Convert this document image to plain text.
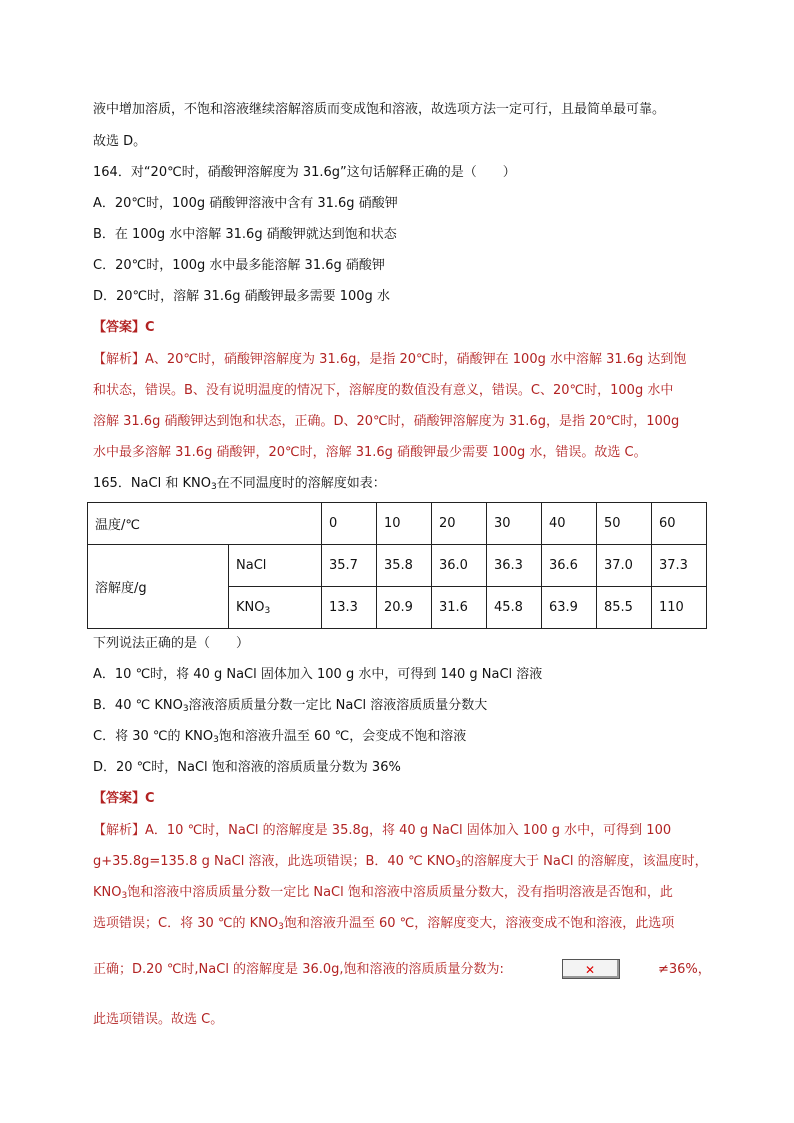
液中增加溶质，不饱和溶液继续溶解溶质而变成饱和溶液，故选项方法一定可行，且最简单最可靠。
故选 D。
164．对“20℃时，硝酸钾溶解度为 31.6g”这句话解释正确的是（　　）
A．20℃时，100g 硝酸钾溶液中含有 31.6g 硝酸钾
B．在 100g 水中溶解 31.6g 硝酸钾就达到饱和状态
C．20℃时，100g 水中最多能溶解 31.6g 硝酸钾
D．20℃时，溶解 31.6g 硝酸钾最多需要 100g 水
【答案】C
【解析】A、20℃时，硝酸钾溶解度为 31.6g，是指 20℃时，硝酸钾在 100g 水中溶解 31.6g 达到饱
和状态，错误。B、没有说明温度的情况下，溶解度的数值没有意义，错误。C、20℃时，100g 水中
溶解 31.6g 硝酸钾达到饱和状态，正确。D、20℃时，硝酸钾溶解度为 31.6g，是指 20℃时，100g
水中最多溶解 31.6g 硝酸钾，20℃时，溶解 31.6g 硝酸钾最少需要 100g 水，错误。故选 C。
165．NaCl 和 $KNO_3$在不同温度时的溶解度如表：
温度/℃		0	10	20	30	40	50	60
溶解度/g	NaCl	35.7	35.8	36.0	36.3	36.6	37.0	37.3
	$KNO_3$	13.3	20.9	31.6	45.8	63.9	85.5	110
下列说法正确的是（　　）
A．10 ℃时，将 40 g NaCl 固体加入 100 g 水中，可得到 140 g NaCl 溶液
B．40 ℃ $KNO_3$溶液溶质质量分数一定比 NaCl 溶液溶质质量分数大
C．将 30 ℃的 $KNO_3$饱和溶液升温至 60 ℃，会变成不饱和溶液
D．20 ℃时，NaCl 饱和溶液的溶质质量分数为 36%
【答案】C
【解析】A．10 ℃时，NaCl 的溶解度是 35.8g，将 40 g NaCl 固体加入 100 g 水中，可得到 100
g+35.8g=135.8 g NaCl 溶液，此选项错误；B．40 ℃ $KNO_3$的溶解度大于 NaCl 的溶解度，该温度时，
$KNO_3$饱和溶液中溶质质量分数一定比 NaCl 饱和溶液中溶质质量分数大，没有指明溶液是否饱和，此
选项错误；C．将 30 ℃的 $KNO_3$饱和溶液升温至 60 ℃，溶解度变大，溶液变成不饱和溶液，此选项
正确；D.20 ℃时,NaCl 的溶解度是 36.0g,饱和溶液的溶质质量分数为:	✕	≠36%，
此选项错误。故选 C。
